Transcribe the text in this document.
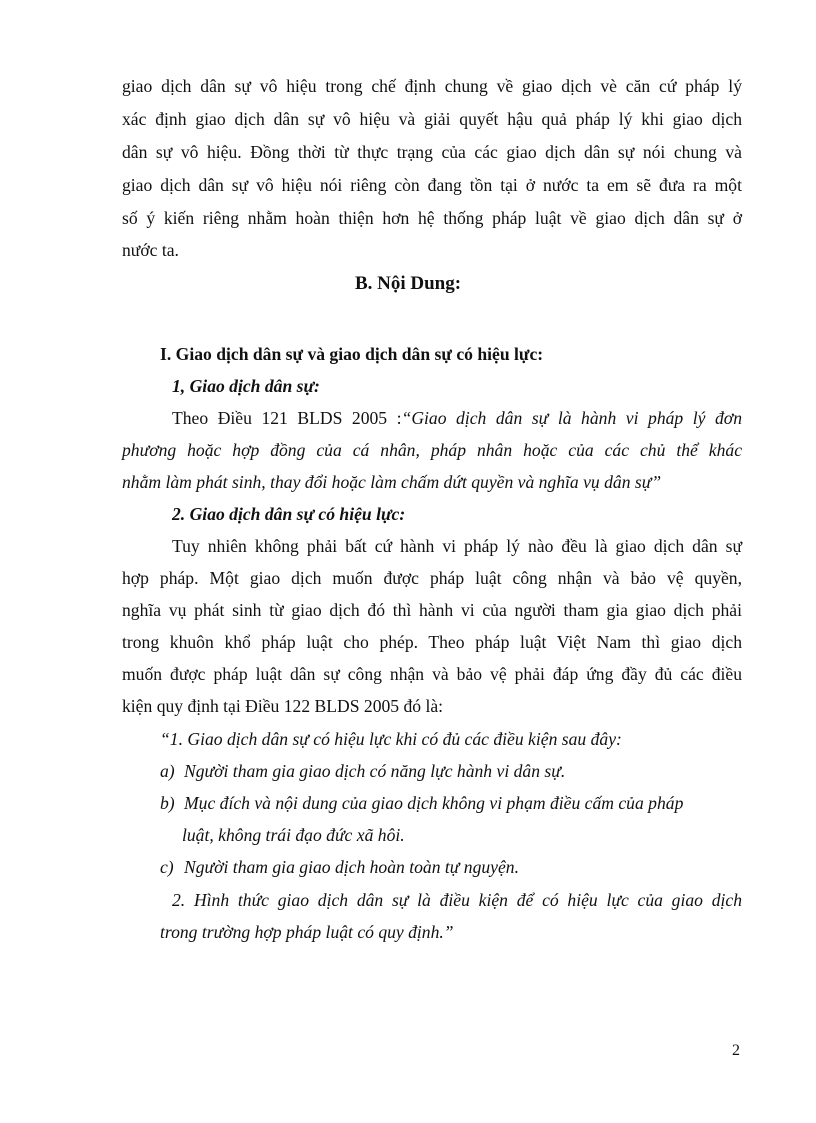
giao dịch dân sự vô hiệu trong chế định chung về giao dịch vè căn cứ pháp lý
xác định giao dịch dân sự vô hiệu và giải quyết hậu quả pháp lý khi giao dịch
dân sự vô hiệu. Đồng thời từ thực trạng của các giao dịch dân sự nói chung và
giao dịch dân sự vô hiệu nói riêng còn đang tồn tại ở nước ta em sẽ đưa ra một
số ý kiến riêng nhằm hoàn thiện hơn hệ thống pháp luật về giao dịch dân sự ở
nước ta.
B. Nội Dung:
I. Giao dịch dân sự và giao dịch dân sự có hiệu lực:
1, Giao dịch dân sự:
Theo Điều 121 BLDS 2005 :“Giao dịch dân sự là hành vi pháp lý đơn
phương hoặc hợp đồng của cá nhân, pháp nhân hoặc của các chủ thể khác
nhằm làm phát sinh, thay đổi hoặc làm chấm dứt quyền và nghĩa vụ dân sự”
2. Giao dịch dân sự có hiệu lực:
Tuy nhiên không phải bất cứ hành vi pháp lý nào đều là giao dịch dân sự
hợp pháp. Một giao dịch muốn được pháp luật công nhận và bảo vệ quyền,
nghĩa vụ phát sinh từ giao dịch đó thì hành vi của người tham gia giao dịch phải
trong khuôn khổ pháp luật cho phép. Theo pháp luật Việt Nam thì giao dịch
muốn được pháp luật dân sự công nhận và bảo vệ phải đáp ứng đầy đủ các điều
kiện quy định tại Điều 122 BLDS 2005 đó là:
“1. Giao dịch dân sự có hiệu lực khi có đủ các điều kiện sau đây:
a) Người tham gia giao dịch có năng lực hành vi dân sự.
b) Mục đích và nội dung của giao dịch không vi phạm điều cấm của pháp
luật, không trái đạo đức xã hôi.
c) Người tham gia giao dịch hoàn toàn tự nguyện.
2. Hình thức giao dịch dân sự là điều kiện để có hiệu lực của giao dịch
trong trường hợp pháp luật có quy định.”
2
